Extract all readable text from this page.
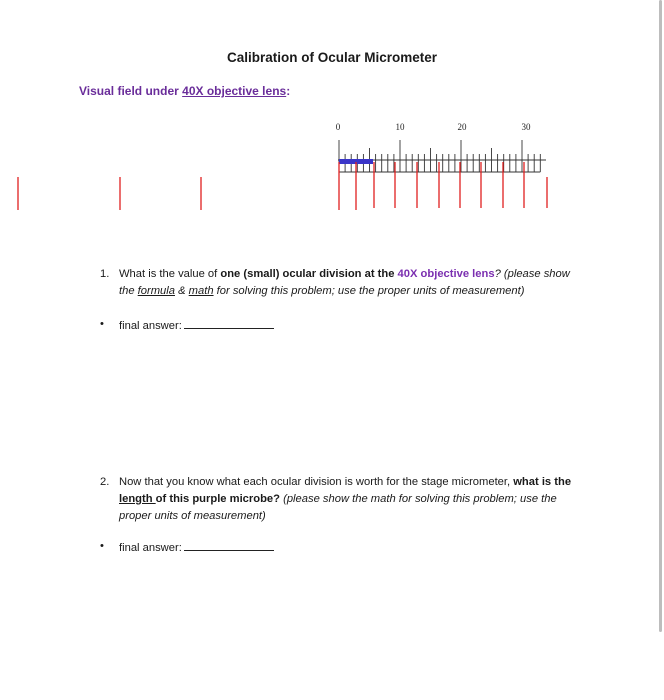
Calibration of Ocular Micrometer
Visual field under 40X objective lens:
0	10	20	30
1. What is the value of one (small) ocular division at the 40X objective lens? (please show
the formula & math for solving this problem; use the proper units of measurement)
• final answer:
2. Now that you know what each ocular division is worth for the stage micrometer, what is the length of this purple microbe? (please show the math for solving this problem; use the proper units of measurement)
• final answer:
